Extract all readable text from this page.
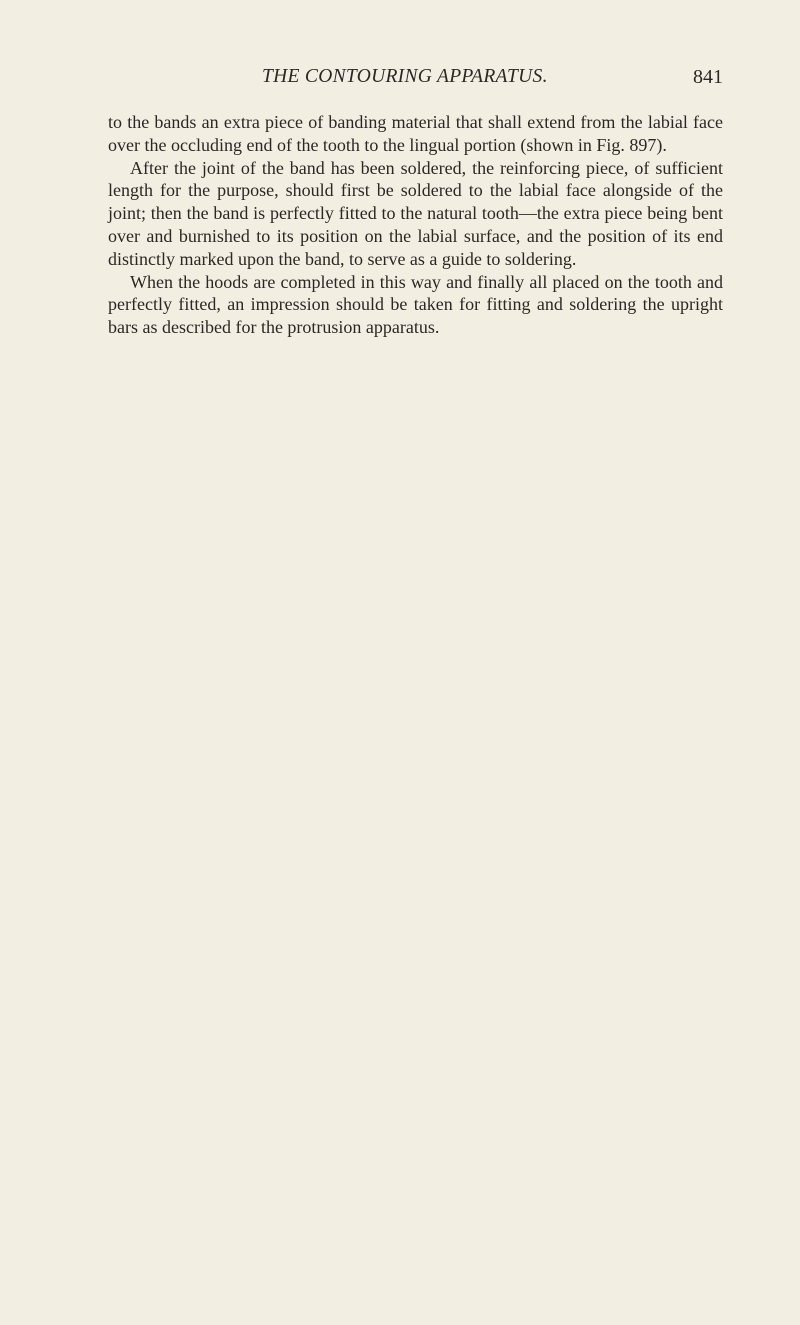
THE CONTOURING APPARATUS.	841

to the bands an extra piece of banding material that shall extend from the labial face over the occluding end of the tooth to the lingual portion (shown in Fig. 897).

After the joint of the band has been soldered, the reinforcing piece, of sufficient length for the purpose, should first be soldered to the labial face alongside of the joint; then the band is perfectly fitted to the natural tooth—the extra piece being bent over and burnished to its position on the labial surface, and the position of its end distinctly marked upon the band, to serve as a guide to soldering.

When the hoods are completed in this way and finally all placed on the tooth and perfectly fitted, an impression should be taken for fitting and soldering the upright bars as described for the protrusion apparatus.
